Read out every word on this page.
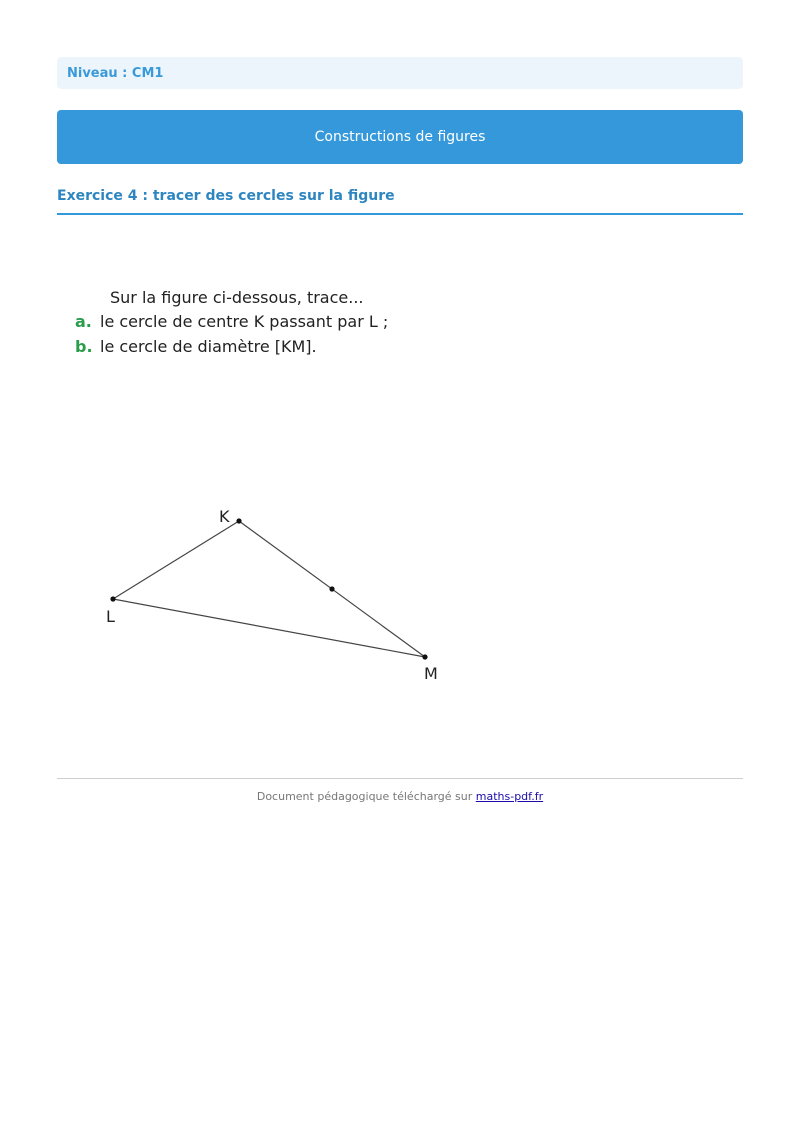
Niveau : CM1
Constructions de figures
Exercice 4 : tracer des cercles sur la figure
Sur la figure ci-dessous, trace...
a. le cercle de centre K passant par L ;
b. le cercle de diamètre [KM].
K
L
M
Document pédagogique téléchargé sur maths-pdf.fr
